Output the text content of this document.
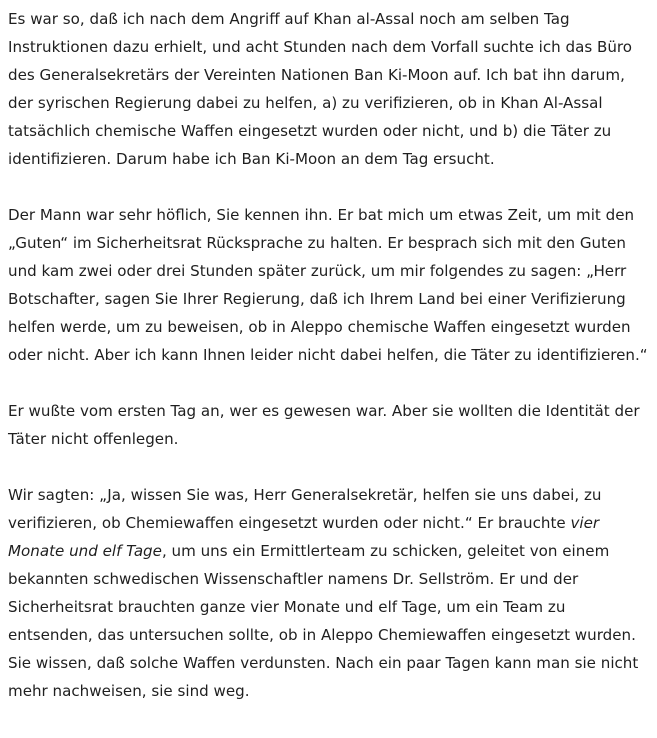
Es war so, daß ich nach dem Angriff auf Khan al-Assal noch am selben Tag Instruktionen dazu erhielt, und acht Stunden nach dem Vorfall suchte ich das Büro des Generalsekretärs der Vereinten Nationen Ban Ki-Moon auf. Ich bat ihn darum, der syrischen Regierung dabei zu helfen, a) zu verifizieren, ob in Khan Al-Assal tatsächlich chemische Waffen eingesetzt wurden oder nicht, und b) die Täter zu identifizieren. Darum habe ich Ban Ki-Moon an dem Tag ersucht.

Der Mann war sehr höflich, Sie kennen ihn. Er bat mich um etwas Zeit, um mit den „Guten“ im Sicherheitsrat Rücksprache zu halten. Er besprach sich mit den Guten und kam zwei oder drei Stunden später zurück, um mir folgendes zu sagen: „Herr Botschafter, sagen Sie Ihrer Regierung, daß ich Ihrem Land bei einer Verifizierung helfen werde, um zu beweisen, ob in Aleppo chemische Waffen eingesetzt wurden oder nicht. Aber ich kann Ihnen leider nicht dabei helfen, die Täter zu identifizieren.“

Er wußte vom ersten Tag an, wer es gewesen war. Aber sie wollten die Identität der Täter nicht offenlegen.

Wir sagten: „Ja, wissen Sie was, Herr Generalsekretär, helfen sie uns dabei, zu verifizieren, ob Chemiewaffen eingesetzt wurden oder nicht.“ Er brauchte vier Monate und elf Tage, um uns ein Ermittlerteam zu schicken, geleitet von einem bekannten schwedischen Wissenschaftler namens Dr. Sellström. Er und der Sicherheitsrat brauchten ganze vier Monate und elf Tage, um ein Team zu entsenden, das untersuchen sollte, ob in Aleppo Chemiewaffen eingesetzt wurden. Sie wissen, daß solche Waffen verdunsten. Nach ein paar Tagen kann man sie nicht mehr nachweisen, sie sind weg.
